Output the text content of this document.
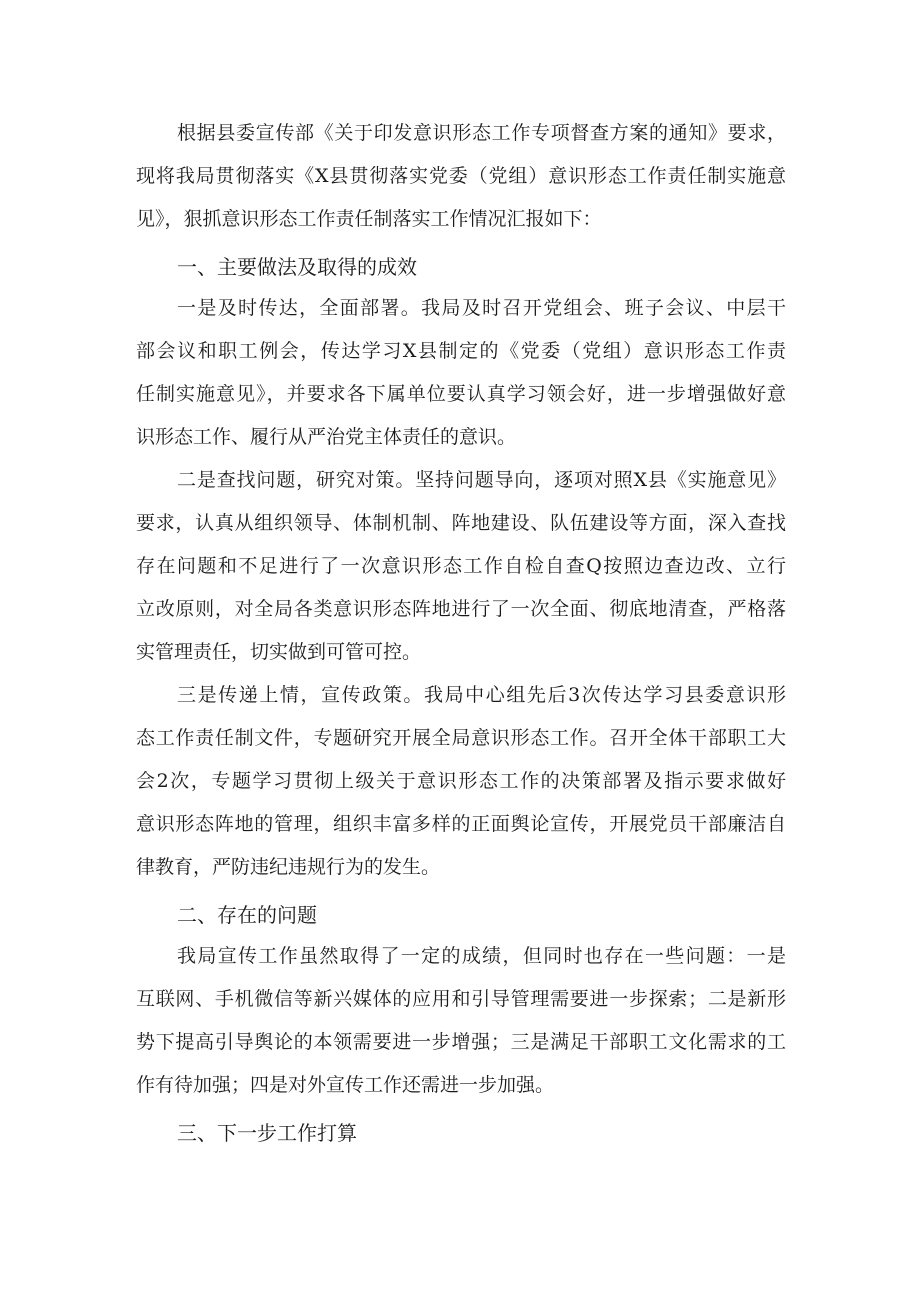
根据县委宣传部《关于印发意识形态工作专项督查方案的通知》要求，
现将我局贯彻落实《X县贯彻落实党委（党组）意识形态工作责任制实施意
见》，狠抓意识形态工作责任制落实工作情况汇报如下：
一、主要做法及取得的成效
一是及时传达，全面部署。我局及时召开党组会、班子会议、中层干
部会议和职工例会，传达学习X县制定的《党委（党组）意识形态工作责
任制实施意见》，并要求各下属单位要认真学习领会好，进一步增强做好意
识形态工作、履行从严治党主体责任的意识。
二是查找问题，研究对策。坚持问题导向，逐项对照X县《实施意见》
要求，认真从组织领导、体制机制、阵地建设、队伍建设等方面，深入查找
存在问题和不足进行了一次意识形态工作自检自查Q按照边查边改、立行
立改原则，对全局各类意识形态阵地进行了一次全面、彻底地清查，严格落
实管理责任，切实做到可管可控。
三是传递上情，宣传政策。我局中心组先后3次传达学习县委意识形
态工作责任制文件，专题研究开展全局意识形态工作。召开全体干部职工大
会2次，专题学习贯彻上级关于意识形态工作的决策部署及指示要求做好
意识形态阵地的管理，组织丰富多样的正面舆论宣传，开展党员干部廉洁自
律教育，严防违纪违规行为的发生。
二、存在的问题
我局宣传工作虽然取得了一定的成绩，但同时也存在一些问题：一是
互联网、手机微信等新兴媒体的应用和引导管理需要进一步探索；二是新形
势下提高引导舆论的本领需要进一步增强；三是满足干部职工文化需求的工
作有待加强；四是对外宣传工作还需进一步加强。
三、下一步工作打算
